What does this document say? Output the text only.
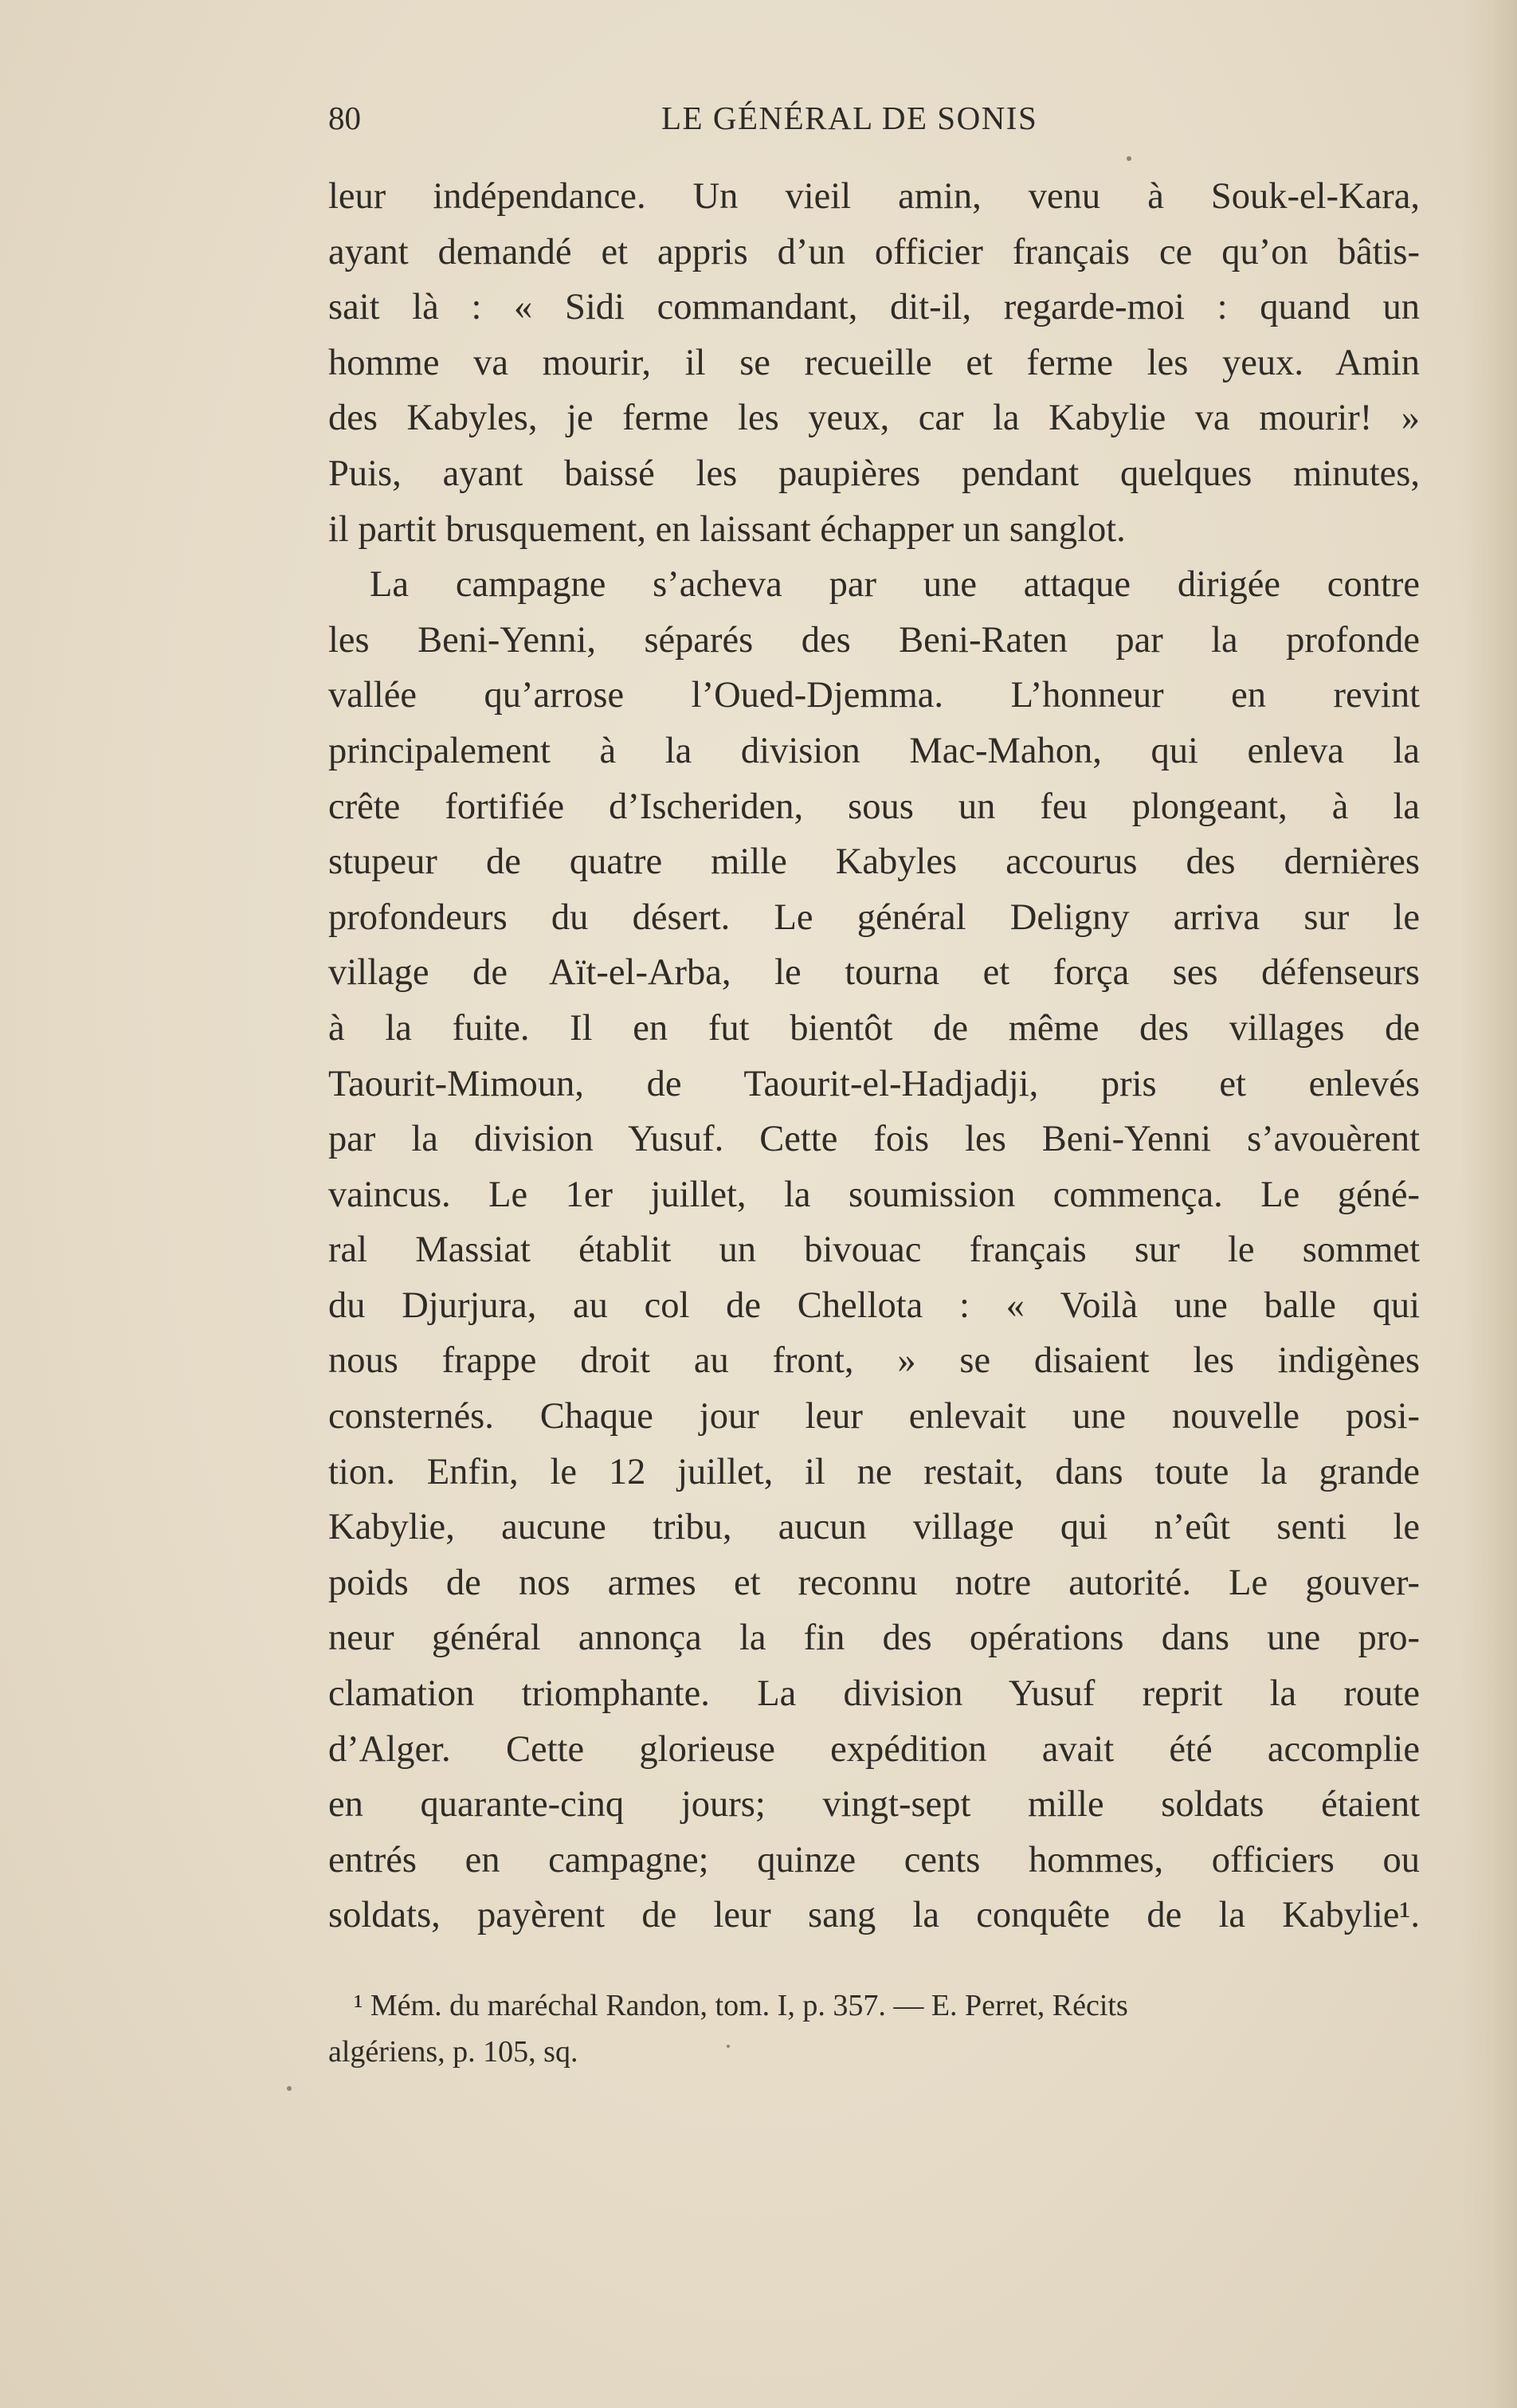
80	LE GÉNÉRAL DE SONIS
leur indépendance. Un vieil amin, venu à Souk-el-Kara,
ayant demandé et appris d’un officier français ce qu’on bâtis-
sait là : « Sidi commandant, dit-il, regarde-moi : quand un
homme va mourir, il se recueille et ferme les yeux. Amin
des Kabyles, je ferme les yeux, car la Kabylie va mourir! »
Puis, ayant baissé les paupières pendant quelques minutes,
il partit brusquement, en laissant échapper un sanglot.
La campagne s’acheva par une attaque dirigée contre
les Beni-Yenni, séparés des Beni-Raten par la profonde
vallée qu’arrose l’Oued-Djemma. L’honneur en revint
principalement à la division Mac-Mahon, qui enleva la
crête fortifiée d’Ischeriden, sous un feu plongeant, à la
stupeur de quatre mille Kabyles accourus des dernières
profondeurs du désert. Le général Deligny arriva sur le
village de Aït-el-Arba, le tourna et força ses défenseurs
à la fuite. Il en fut bientôt de même des villages de
Taourit-Mimoun, de Taourit-el-Hadjadji, pris et enlevés
par la division Yusuf. Cette fois les Beni-Yenni s’avouèrent
vaincus. Le 1er juillet, la soumission commença. Le géné-
ral Massiat établit un bivouac français sur le sommet
du Djurjura, au col de Chellota : « Voilà une balle qui
nous frappe droit au front, » se disaient les indigènes
consternés. Chaque jour leur enlevait une nouvelle posi-
tion. Enfin, le 12 juillet, il ne restait, dans toute la grande
Kabylie, aucune tribu, aucun village qui n’eût senti le
poids de nos armes et reconnu notre autorité. Le gouver-
neur général annonça la fin des opérations dans une pro-
clamation triomphante. La division Yusuf reprit la route
d’Alger. Cette glorieuse expédition avait été accomplie
en quarante-cinq jours; vingt-sept mille soldats étaient
entrés en campagne; quinze cents hommes, officiers ou
soldats, payèrent de leur sang la conquête de la Kabylie¹.
¹ Mém. du maréchal Randon, tom. I, p. 357. — E. Perret, Récits
algériens, p. 105, sq.
